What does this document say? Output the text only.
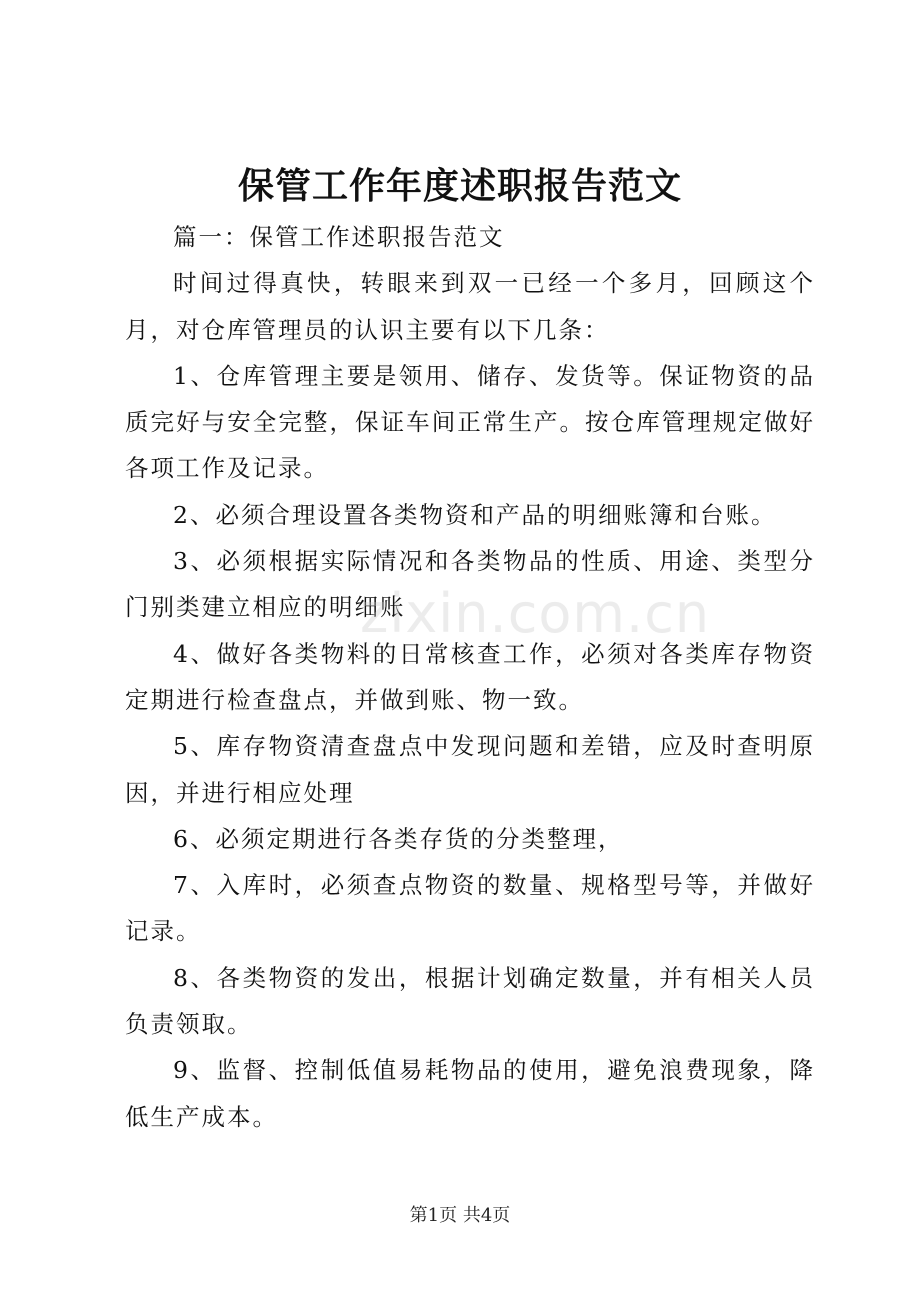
保管工作年度述职报告范文

篇一：保管工作述职报告范文

时间过得真快，转眼来到双一已经一个多月，回顾这个月，对仓库管理员的认识主要有以下几条：

1、仓库管理主要是领用、储存、发货等。保证物资的品质完好与安全完整，保证车间正常生产。按仓库管理规定做好各项工作及记录。

2、必须合理设置各类物资和产品的明细账簿和台账。

3、必须根据实际情况和各类物品的性质、用途、类型分门别类建立相应的明细账

4、做好各类物料的日常核查工作，必须对各类库存物资定期进行检查盘点，并做到账、物一致。

5、库存物资清查盘点中发现问题和差错，应及时查明原因，并进行相应处理

6、必须定期进行各类存货的分类整理，

7、入库时，必须查点物资的数量、规格型号等，并做好记录。

8、各类物资的发出，根据计划确定数量，并有相关人员负责领取。

9、监督、控制低值易耗物品的使用，避免浪费现象，降低生产成本。

zixin.com.cn
第1页 共4页
